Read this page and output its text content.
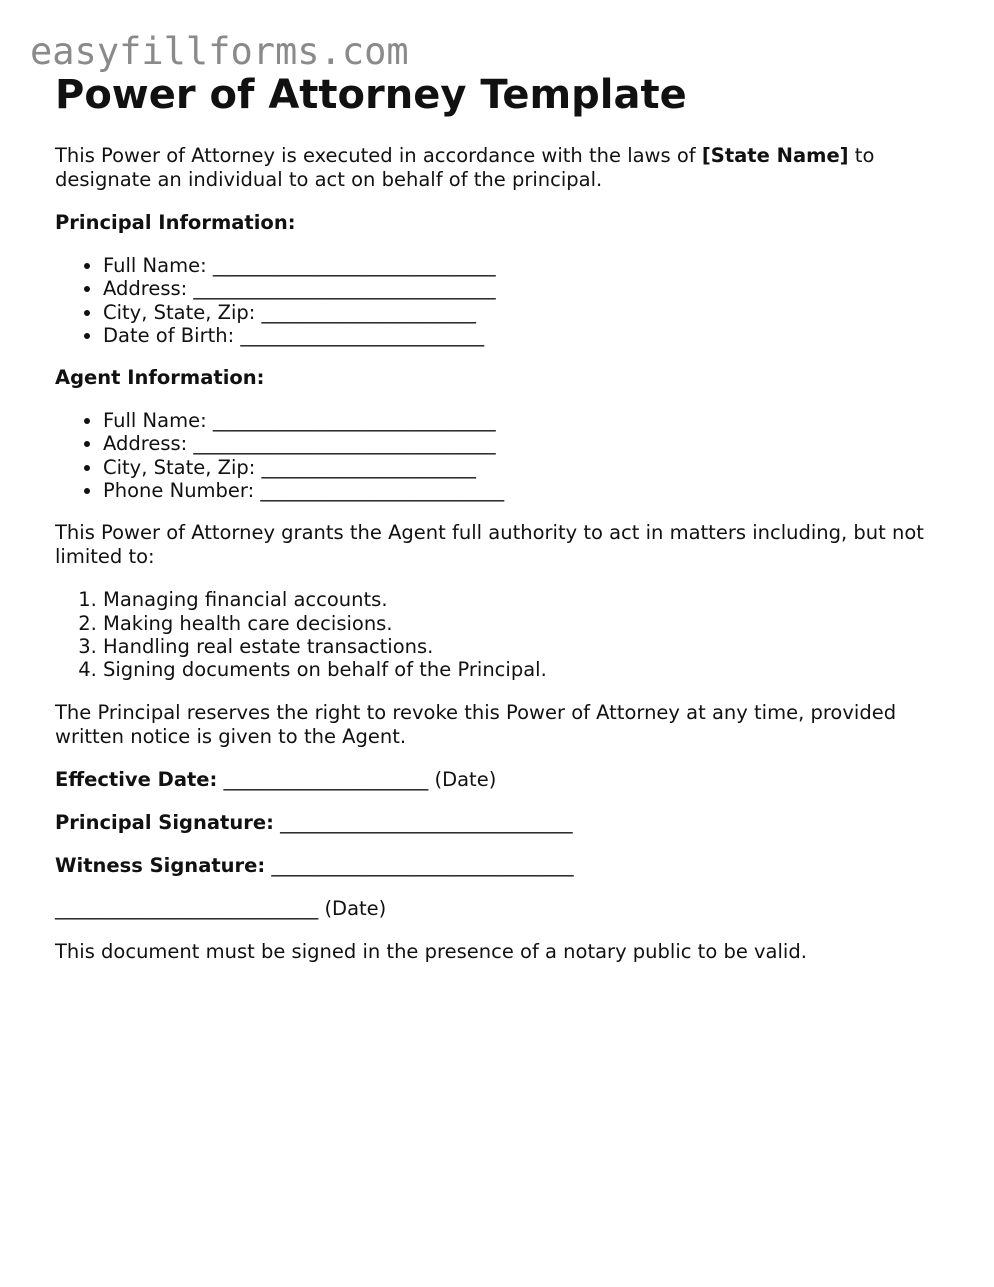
easyfillforms.com
Power of Attorney Template

This Power of Attorney is executed in accordance with the laws of [State Name] to designate an individual to act on behalf of the principal.

Principal Information:

• Full Name: _____________________________
• Address: _______________________________
• City, State, Zip: ______________________
• Date of Birth: _________________________

Agent Information:

• Full Name: _____________________________
• Address: _______________________________
• City, State, Zip: ______________________
• Phone Number: _________________________

This Power of Attorney grants the Agent full authority to act in matters including, but not limited to:

1. Managing financial accounts.
2. Making health care decisions.
3. Handling real estate transactions.
4. Signing documents on behalf of the Principal.

The Principal reserves the right to revoke this Power of Attorney at any time, provided written notice is given to the Agent.

Effective Date: _____________________ (Date)

Principal Signature: ______________________________

Witness Signature: _______________________________

___________________________ (Date)

This document must be signed in the presence of a notary public to be valid.
